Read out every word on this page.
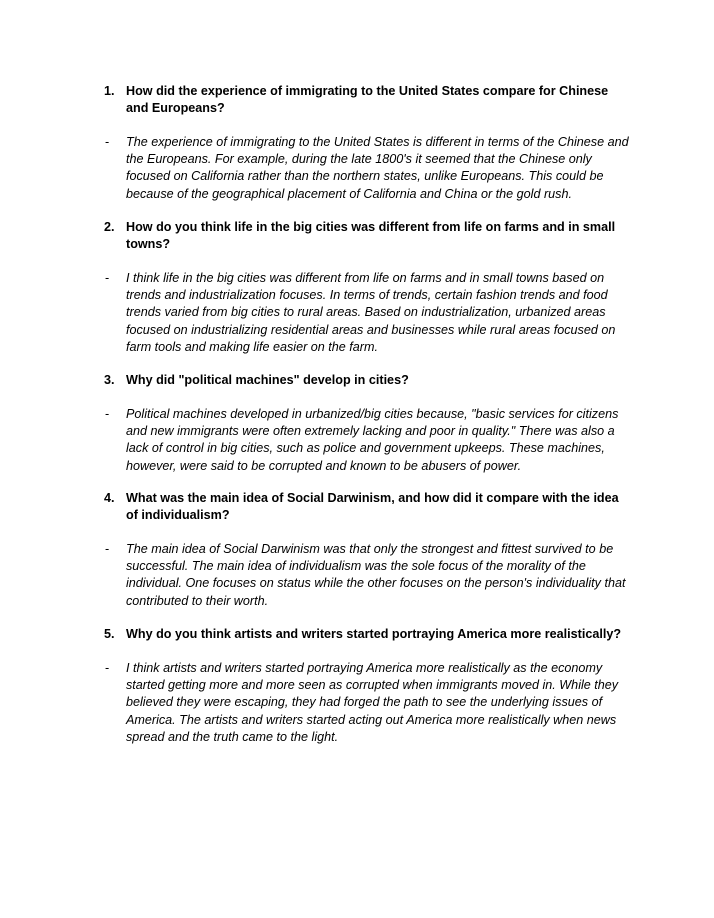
1. How did the experience of immigrating to the United States compare for Chinese and Europeans?
- The experience of immigrating to the United States is different in terms of the Chinese and the Europeans. For example, during the late 1800's it seemed that the Chinese only focused on California rather than the northern states, unlike Europeans. This could be because of the geographical placement of California and China or the gold rush.
2. How do you think life in the big cities was different from life on farms and in small towns?
- I think life in the big cities was different from life on farms and in small towns based on trends and industrialization focuses. In terms of trends, certain fashion trends and food trends varied from big cities to rural areas. Based on industrialization, urbanized areas focused on industrializing residential areas and businesses while rural areas focused on farm tools and making life easier on the farm.
3. Why did "political machines" develop in cities?
- Political machines developed in urbanized/big cities because, "basic services for citizens and new immigrants were often extremely lacking and poor in quality." There was also a lack of control in big cities, such as police and government upkeeps. These machines, however, were said to be corrupted and known to be abusers of power.
4. What was the main idea of Social Darwinism, and how did it compare with the idea of individualism?
- The main idea of Social Darwinism was that only the strongest and fittest survived to be successful. The main idea of individualism was the sole focus of the morality of the individual. One focuses on status while the other focuses on the person's individuality that contributed to their worth.
5. Why do you think artists and writers started portraying America more realistically?
- I think artists and writers started portraying America more realistically as the economy started getting more and more seen as corrupted when immigrants moved in. While they believed they were escaping, they had forged the path to see the underlying issues of America. The artists and writers started acting out America more realistically when news spread and the truth came to the light.
